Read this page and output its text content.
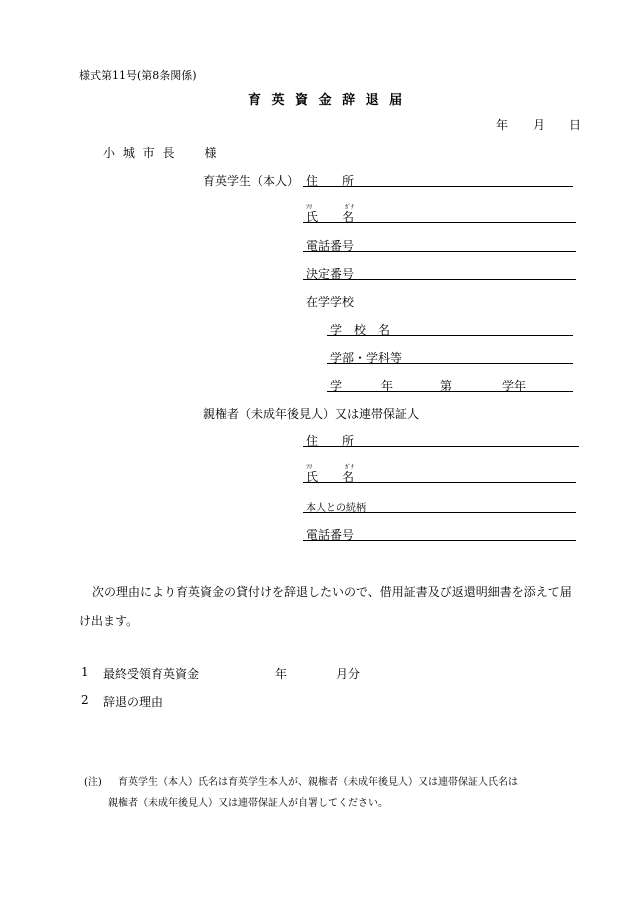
様式第11号(第8条関係)
育 英 資 金 辞 退 届
年 月 日
小 城 市 長　　様
育英学生（本人） 住　　所
ﾌﾘ	ｶﾞﾅ
氏　　名
電話番号
決定番号
在学学校
学　校　名
学部・学科等
学	年	第	学年
親権者（未成年後見人）又は連帯保証人
住　　所
ﾌﾘ	ｶﾞﾅ
氏　　名
本人との続柄
電話番号
次の理由により育英資金の貸付けを辞退したいので、借用証書及び返還明細書を添えて届
け出ます。
1 最終受領育英資金	年	月分
2 辞退の理由
(注) 育英学生（本人）氏名は育英学生本人が、親権者（未成年後見人）又は連帯保証人氏名は
親権者（未成年後見人）又は連帯保証人が自署してください。
